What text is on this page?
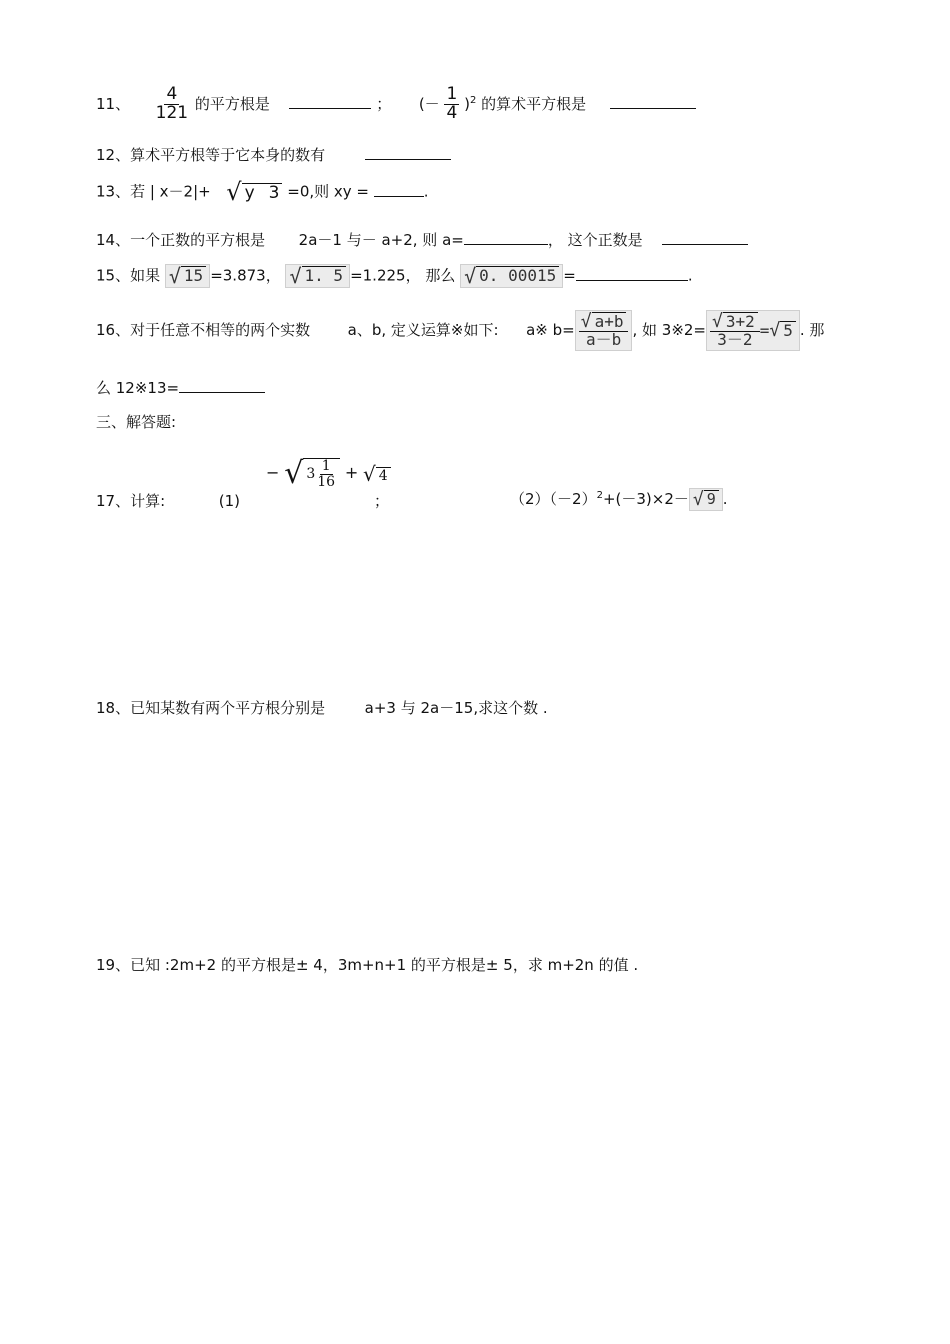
11、 $\frac{4}{121}$ 的平方根是	； (－ $\frac{1}{4} )^2$ 的算术平方根是
12、算术平方根等于它本身的数有
13、若 | x－2|+ √ y 3 =0,则 xy =	.
14、一个正数的平方根是 2a－1 与－ a+2, 则 a=	， 这个正数是
15、如果 √ 15 =3.873， √ 1. 5 =1.225， 那么 √ 0. 00015 =	.
16、对于任意不相等的两个实数	a、b, 定义运算※如下: a※ $b= \frac{√ a+b}{a-b}$ , 如 3※2= $\frac{√ 3+2}{3-2}$ = √ 5 . 那
么 12※13=
三、解答题:
17、计算:	(1)
− √ $3 \frac{1}{16}$ + √ 4
；	$(2)(-2)^2+(-3)\times 2-$ √ 9 .
18、已知某数有两个平方根分别是	a+3 与 2a－15,求这个数 .
19、已知 :2m+2 的平方根是± 4，3m+n+1 的平方根是± 5，求 m+2n 的值 .
